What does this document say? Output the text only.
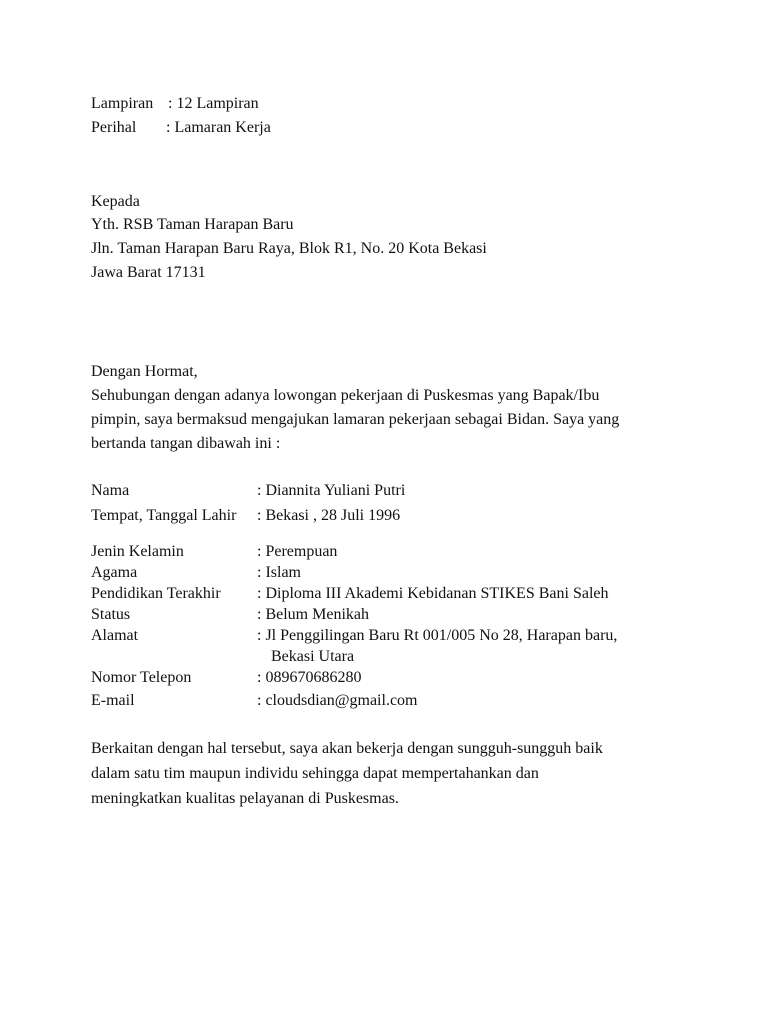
Lampiran : 12 Lampiran
Perihal : Lamaran Kerja
Kepada
Yth. RSB Taman Harapan Baru
Jln. Taman Harapan Baru Raya, Blok R1, No. 20 Kota Bekasi
Jawa Barat 17131
Dengan Hormat,
Sehubungan dengan adanya lowongan pekerjaan di Puskesmas yang Bapak/Ibu
pimpin, saya bermaksud mengajukan lamaran pekerjaan sebagai Bidan. Saya yang
bertanda tangan dibawah ini :
Nama	: Diannita Yuliani Putri
Tempat, Tanggal Lahir : Bekasi , 28 Juli 1996
Jenin Kelamin	: Perempuan
Agama	: Islam
Pendidikan Terakhir : Diploma III Akademi Kebidanan STIKES Bani Saleh
Status	: Belum Menikah
Alamat	: Jl Penggilingan Baru Rt 001/005 No 28, Harapan baru,
Bekasi Utara
Nomor Telepon	: 089670686280
E-mail	: cloudsdian@gmail.com
Berkaitan dengan hal tersebut, saya akan bekerja dengan sungguh-sungguh baik
dalam satu tim maupun individu sehingga dapat mempertahankan dan
meningkatkan kualitas pelayanan di Puskesmas.
